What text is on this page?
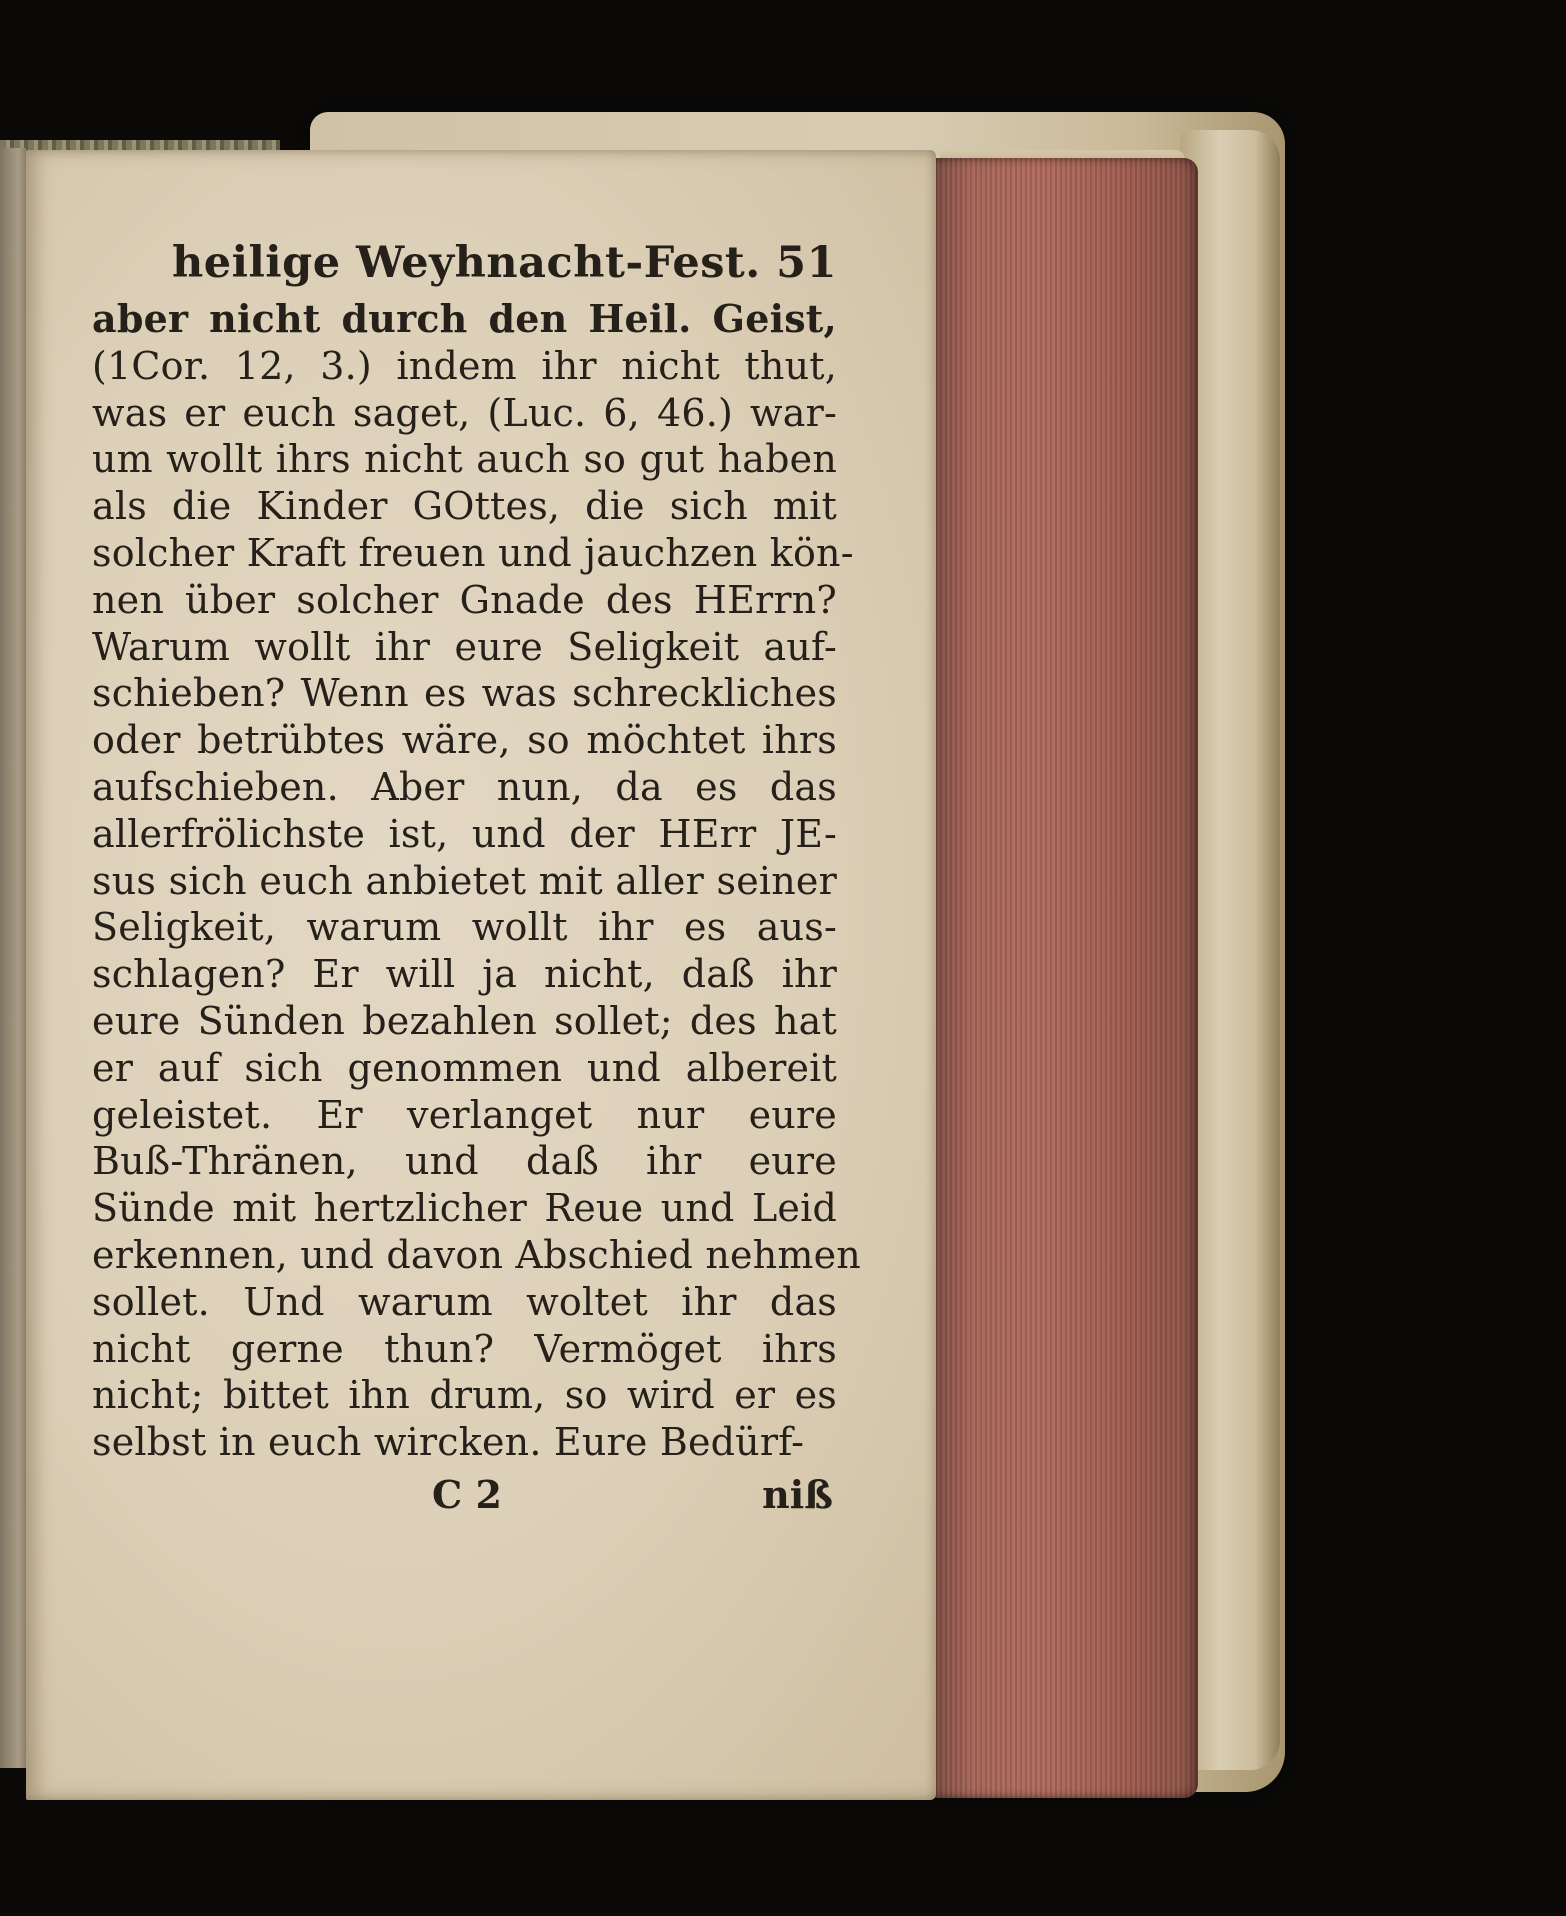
heilige Weyhnacht-Fest. 51
aber nicht durch den Heil. Geist,
(1Cor. 12, 3.) indem ihr nicht thut,
was er euch saget, (Luc. 6, 46.) war-
um wollt ihrs nicht auch so gut haben
als die Kinder GOttes, die sich mit
solcher Kraft freuen und jauchzen kön-
nen über solcher Gnade des HErrn?
Warum wollt ihr eure Seligkeit auf-
schieben? Wenn es was schreckliches
oder betrübtes wäre, so möchtet ihrs
aufschieben. Aber nun, da es das
allerfrölichste ist, und der HErr JE-
sus sich euch anbietet mit aller seiner
Seligkeit, warum wollt ihr es aus-
schlagen? Er will ja nicht, daß ihr
eure Sünden bezahlen sollet; des hat
er auf sich genommen und albereit
geleistet. Er verlanget nur eure
Buß-Thränen, und daß ihr eure
Sünde mit hertzlicher Reue und Leid
erkennen, und davon Abschied nehmen
sollet. Und warum woltet ihr das
nicht gerne thun? Vermöget ihrs
nicht; bittet ihn drum, so wird er es
selbst in euch wircken. Eure Bedürf-
C 2	niß
